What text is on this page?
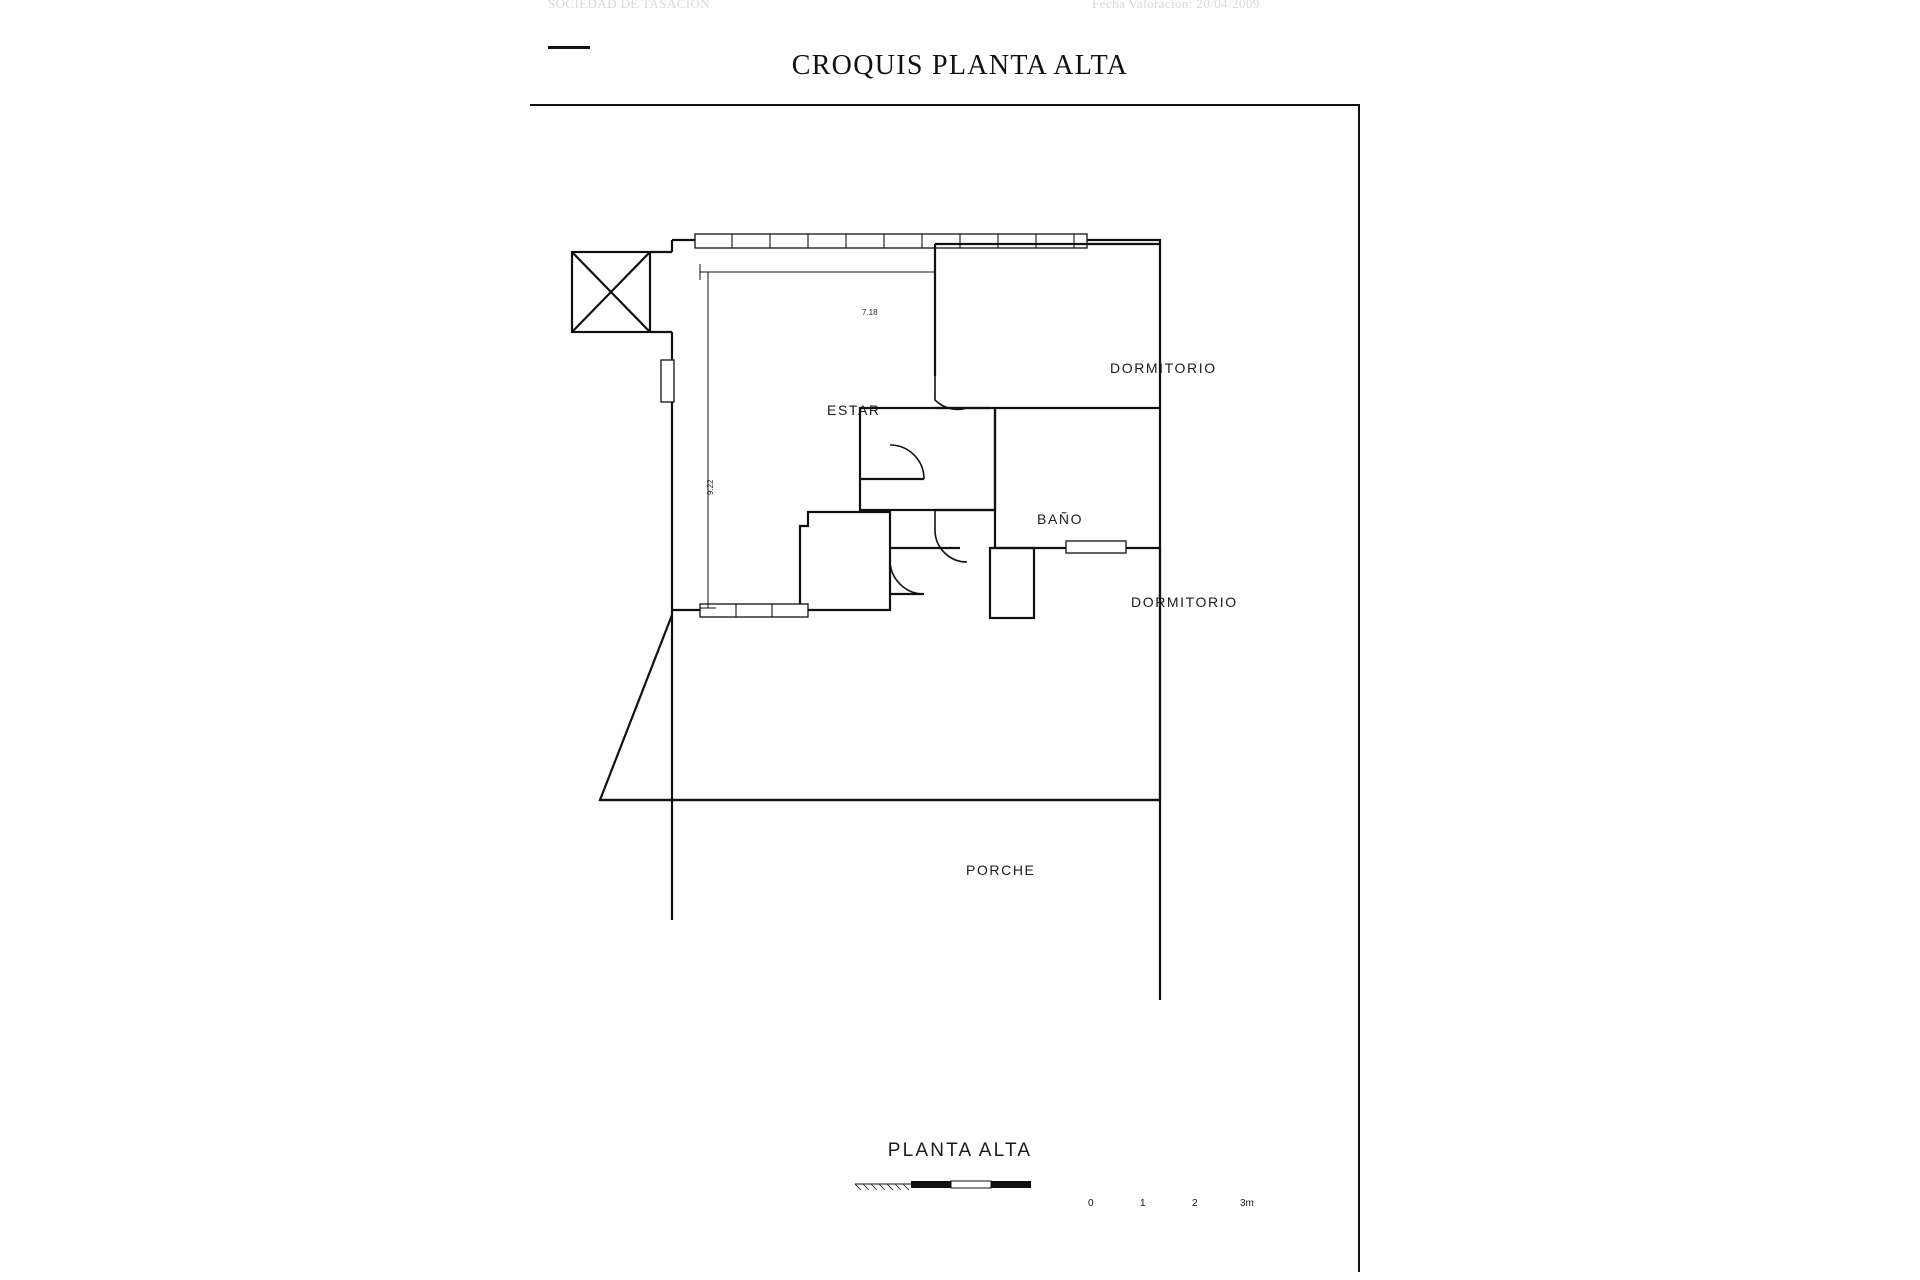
SOCIEDAD DE TASACION	Fecha Valoracion: 20/04/2009
CROQUIS PLANTA ALTA
ESTAR
DORMITORIO
BAÑO
DORMITORIO
PORCHE
7.18
9.22
PLANTA ALTA
0	1	2	3m
